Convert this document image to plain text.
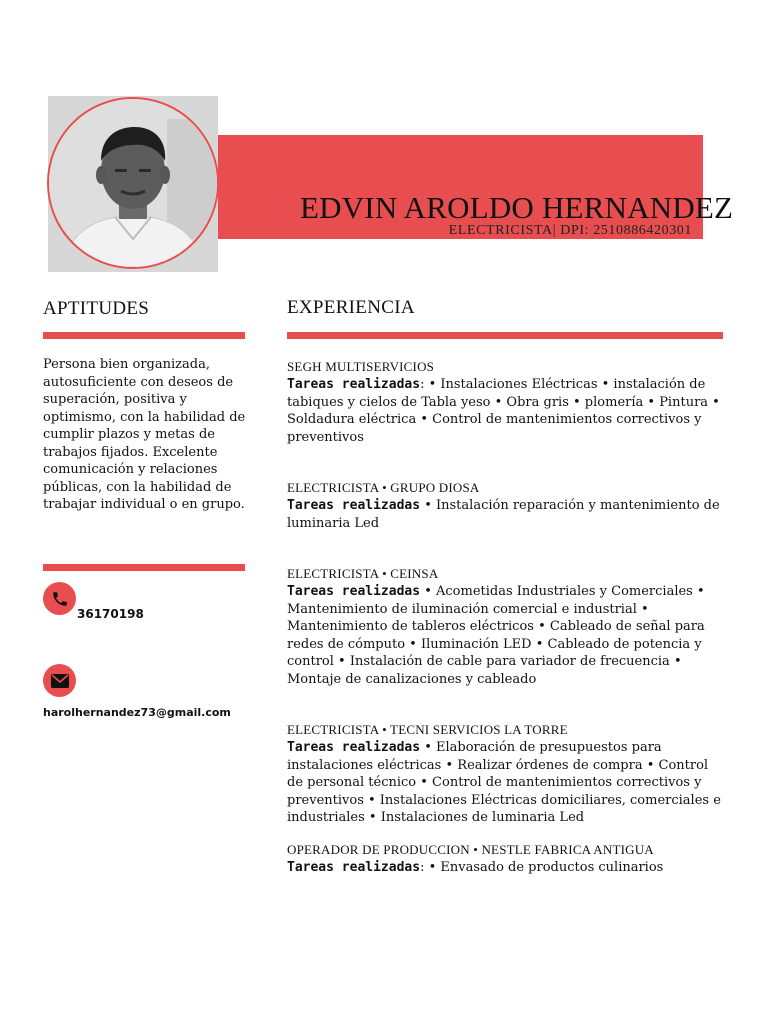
EDVIN AROLDO HERNANDEZ
ELECTRICISTA| DPI: 2510886420301
APTITUDES
Persona bien organizada, autosuficiente con deseos de superación, positiva y optimismo, con la habilidad de cumplir plazos y metas de trabajos fijados. Excelente comunicación y relaciones públicas, con la habilidad de trabajar individual o en grupo.
36170198
harolhernandez73@gmail.com
EXPERIENCIA
SEGH MULTISERVICIOS
Tareas realizadas: • Instalaciones Eléctricas • instalación de tabiques y cielos de Tabla yeso • Obra gris • plomería • Pintura • Soldadura eléctrica • Control de mantenimientos correctivos y preventivos
ELECTRICISTA • GRUPO DIOSA
Tareas realizadas • Instalación reparación y mantenimiento de luminaria Led
ELECTRICISTA • CEINSA
Tareas realizadas • Acometidas Industriales y Comerciales • Mantenimiento de iluminación comercial e industrial • Mantenimiento de tableros eléctricos • Cableado de señal para redes de cómputo • Iluminación LED • Cableado de potencia y control • Instalación de cable para variador de frecuencia • Montaje de canalizaciones y cableado
ELECTRICISTA • TECNI SERVICIOS LA TORRE
Tareas realizadas • Elaboración de presupuestos para instalaciones eléctricas • Realizar órdenes de compra • Control de personal técnico • Control de mantenimientos correctivos y preventivos • Instalaciones Eléctricas domiciliares, comerciales e industriales • Instalaciones de luminaria Led
OPERADOR DE PRODUCCION • NESTLE FABRICA ANTIGUA
Tareas realizadas: • Envasado de productos culinarios
